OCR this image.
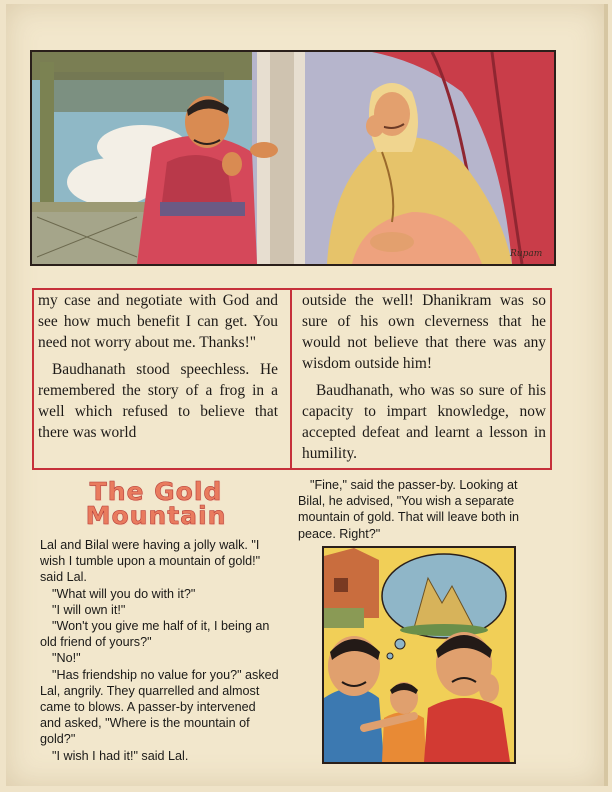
Rupam

my case and negotiate with God and see how much benefit I can get. You need not worry about me. Thanks!"

Baudhanath stood speechless. He remembered the story of a frog in a well which refused to believe that there was world

outside the well! Dhanikram was so sure of his own cleverness that he would not believe that there was any wisdom outside him!

Baudhanath, who was so sure of his capacity to impart knowledge, now accepted defeat and learnt a lesson in humility.

The Gold
Mountain

Lal and Bilal were having a jolly walk. "I wish I tumble upon a mountain of gold!" said Lal.

"What will you do with it?"

"I will own it!"

"Won't you give me half of it, I being an old friend of yours?"

"No!"

"Has friendship no value for you?" asked Lal, angrily. They quarrelled and almost came to blows. A passer-by intervened and asked, "Where is the mountain of gold?"

"I wish I had it!" said Lal.

"Fine," said the passer-by. Looking at Bilal, he advised, "You wish a separate mountain of gold. That will leave both in peace. Right?"
